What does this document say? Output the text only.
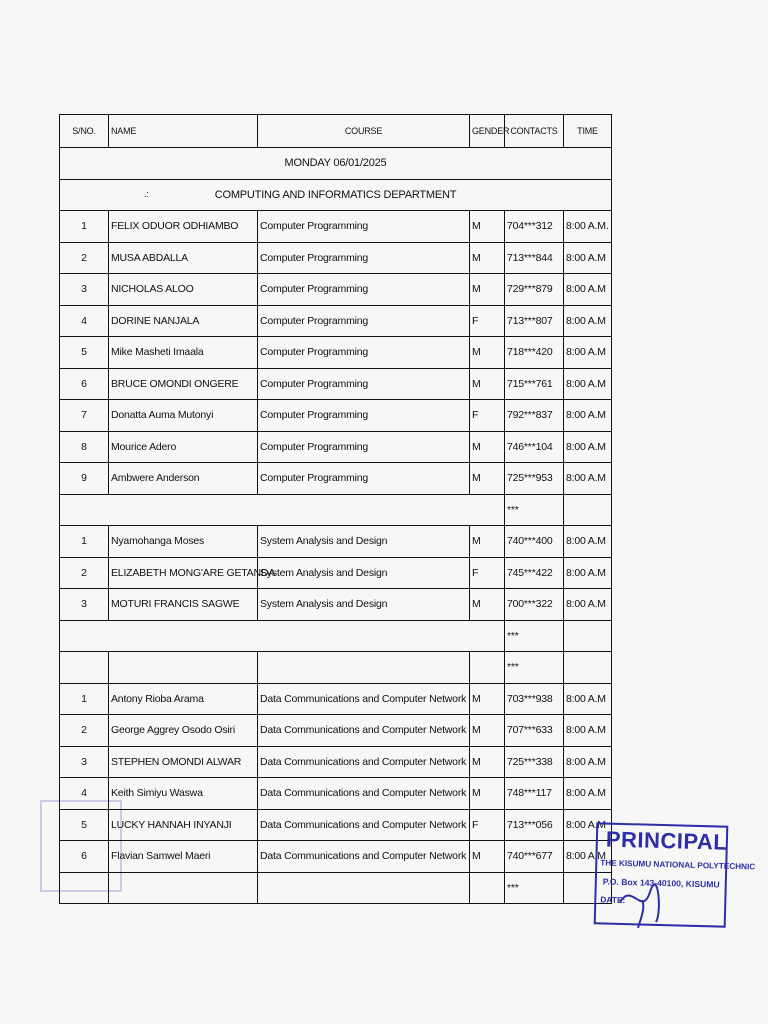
S/NO.	NAME	COURSE	GENDER	CONTACTS	TIME
MONDAY 06/01/2025					

.: COMPUTING AND INFORMATICS DEPARTMENT					
1	FELIX ODUOR ODHIAMBO	Computer Programming	M	704***312	8:00 A.M.
2	MUSA ABDALLA	Computer Programming	M	713***844	8:00 A.M
3	NICHOLAS ALOO	Computer Programming	M	729***879	8:00 A.M
4	DORINE NANJALA	Computer Programming	F	713***807	8:00 A.M
5	Mike Masheti Imaala	Computer Programming	M	718***420	8:00 A.M
6	BRUCE OMONDI ONGERE	Computer Programming	M	715***761	8:00 A.M
7	Donatta Auma Mutonyi	Computer Programming	F	792***837	8:00 A.M
8	Mourice Adero	Computer Programming	M	746***104	8:00 A.M
9	Ambwere Anderson	Computer Programming	M	725***953	8:00 A.M
				***	
1	Nyamohanga Moses	System Analysis and Design	M	740***400	8:00 A.M
2	ELIZABETH MONG'ARE GETANDA	System Analysis and Design	F	745***422	8:00 A.M
3	MOTURI FRANCIS SAGWE	System Analysis and Design	M	700***322	8:00 A.M
				***	
				***	
1	Antony Rioba Arama	Data Communications and Computer Network	M	703***938	8:00 A.M
2	George Aggrey Osodo Osiri	Data Communications and Computer Network	M	707***633	8:00 A.M
3	STEPHEN OMONDI ALWAR	Data Communications and Computer Network	M	725***338	8:00 A.M
4	Keith Simiyu Waswa	Data Communications and Computer Network	M	748***117	8:00 A.M
5	LUCKY HANNAH INYANJI	Data Communications and Computer Network	F	713***056	8:00 A.M
6	Flavian Samwel Maeri	Data Communications and Computer Network	M	740***677	8:00 A.M
				***	
PRINCIPAL
THE KISUMU NATIONAL POLYTECHNIC
P.O. Box 143-40100, KISUMU
DATE:
